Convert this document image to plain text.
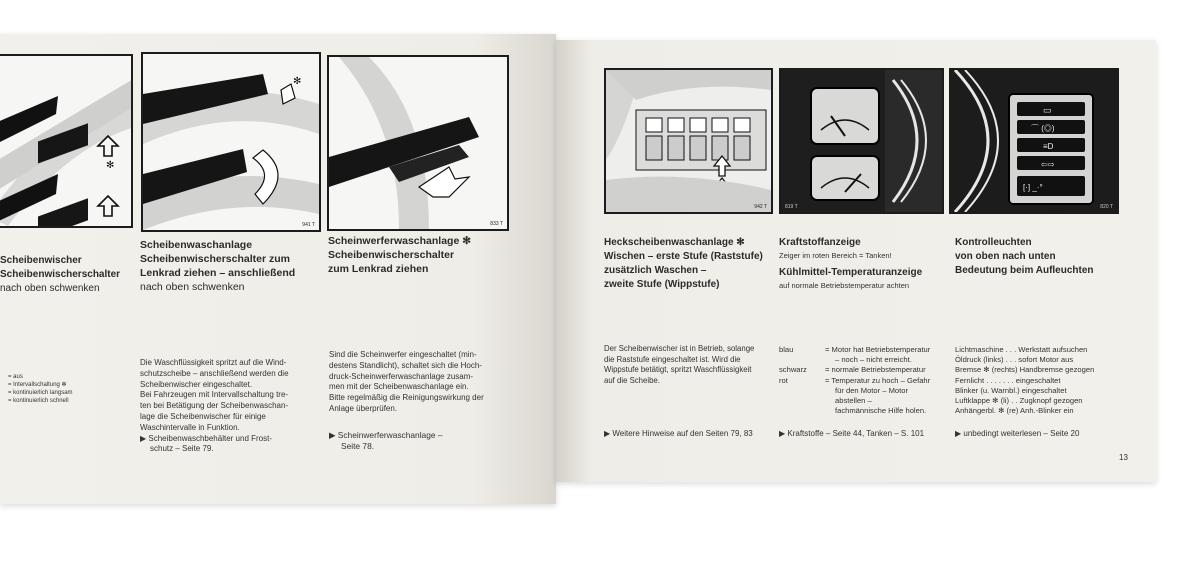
✻
✻
941 T	833 T
Scheibenwischer
Scheibenwischerschalter
nach oben schwenken
= aus
= Intervallschaltung ✻
= kontinuierlich langsam
= kontinuierlich schnell
Scheibenwaschanlage
Scheibenwischerschalter zum
Lenkrad ziehen – anschließend
nach oben schwenken
Die Waschflüssigkeit spritzt auf die Wind-
schutzscheibe – anschließend werden die
Scheibenwischer eingeschaltet.
Bei Fahrzeugen mit Intervallschaltung tre-
ten bei Betätigung der Scheibenwaschan-
lage die Scheibenwischer für einige
Waschintervalle in Funktion.
▶ Scheibenwaschbehälter und Frost-
schutz – Seite 79.
Scheinwerferwaschanlage ✻
Scheibenwischerschalter
zum Lenkrad ziehen
Sind die Scheinwerfer eingeschaltet (min-
destens Standlicht), schaltet sich die Hoch-
druck-Scheinwerferwaschanlage zusam-
men mit der Scheibenwaschanlage ein.
Bitte regelmäßig die Reinigungswirkung der
Anlage überprüfen.
▶ Scheinwerferwaschanlage –
Seite 78.
942 T	819 T
▭
⌒ (◎)
≡D
⇦⇨
[·] _·°
820 T
Heckscheibenwaschanlage ✻
Wischen – erste Stufe (Raststufe)
zusätzlich Waschen –
zweite Stufe (Wippstufe)
Der Scheibenwischer ist in Betrieb, solange
die Raststufe eingeschaltet ist. Wird die
Wippstufe betätigt, spritzt Waschflüssigkeit
auf die Scheibe.
▶ Weitere Hinweise auf den Seiten 79, 83
Kraftstoffanzeige
Zeiger im roten Bereich = Tanken!
Kühlmittel-Temperaturanzeige
auf normale Betriebstemperatur achten
blau	= Motor hat Betriebstemperatur
– noch – nicht erreicht.
schwarz	= normale Betriebstemperatur
rot	= Temperatur zu hoch – Gefahr
für den Motor – Motor
abstellen –
fachmännische Hilfe holen.
▶ Kraftstoffe – Seite 44, Tanken – S. 101
Kontrolleuchten
von oben nach unten
Bedeutung beim Aufleuchten
Lichtmaschine . . . Werkstatt aufsuchen
Öldruck (links) . . . sofort Motor aus
Bremse ✻ (rechts) Handbremse gezogen
Fernlicht . . . . . . . eingeschaltet
Blinker (u. Warnbl.) eingeschaltet
Luftklappe ✻ (li) . . Zugknopf gezogen
Anhängerbl. ✻ (re) Anh.-Blinker ein
▶ unbedingt weiterlesen – Seite 20
13
